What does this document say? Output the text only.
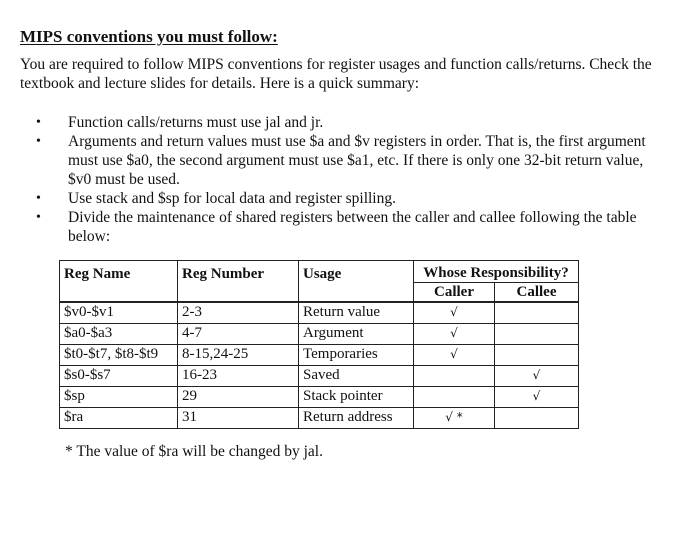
MIPS conventions you must follow:

You are required to follow MIPS conventions for register usages and function calls/returns. Check the textbook and lecture slides for details. Here is a quick summary:

• Function calls/returns must use jal and jr.
• Arguments and return values must use $a and $v registers in order. That is, the first argument must use $a0, the second argument must use $a1, etc. If there is only one 32-bit return value, $v0 must be used.
• Use stack and $sp for local data and register spilling.
• Divide the maintenance of shared registers between the caller and callee following the table below:
Reg Name	Reg Number	Usage	Whose Responsibility?	
			Caller	Callee
$v0-$v1	2-3	Return value	√	
$a0-$a3	4-7	Argument	√	
$t0-$t7, $t8-$t9	8-15,24-25	Temporaries	√	
$s0-$s7	16-23	Saved		√
$sp	29	Stack pointer		√
$ra	31	Return address	√ *	
* The value of $ra will be changed by jal.
